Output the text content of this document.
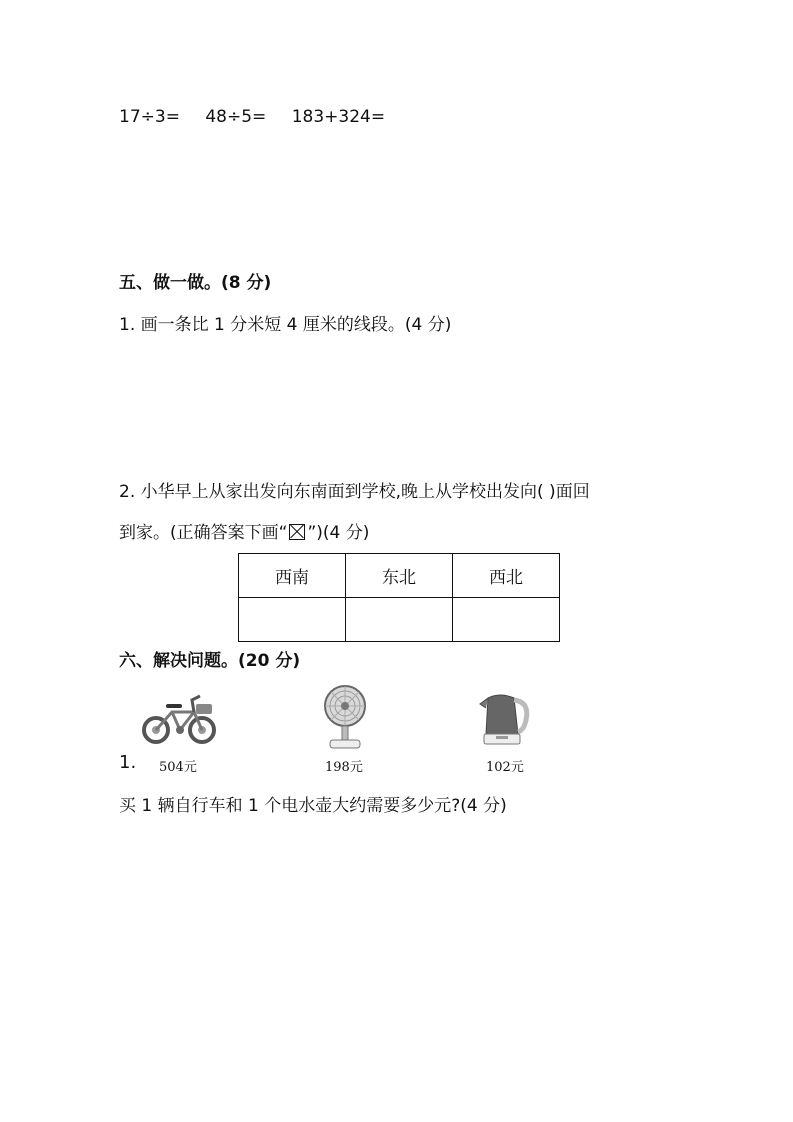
17÷3= 48÷5= 183+324=
五、做一做。(8 分)
1. 画一条比 1 分米短 4 厘米的线段。(4 分)
2. 小华早上从家出发向东南面到学校,晚上从学校出发向( )面回
到家。(正确答案下画“ ☒ ”)(4 分)
西南	东北	西北

六、解决问题。(20 分)
1. 504元	198元	102元
买 1 辆自行车和 1 个电水壶大约需要多少元?(4 分)
